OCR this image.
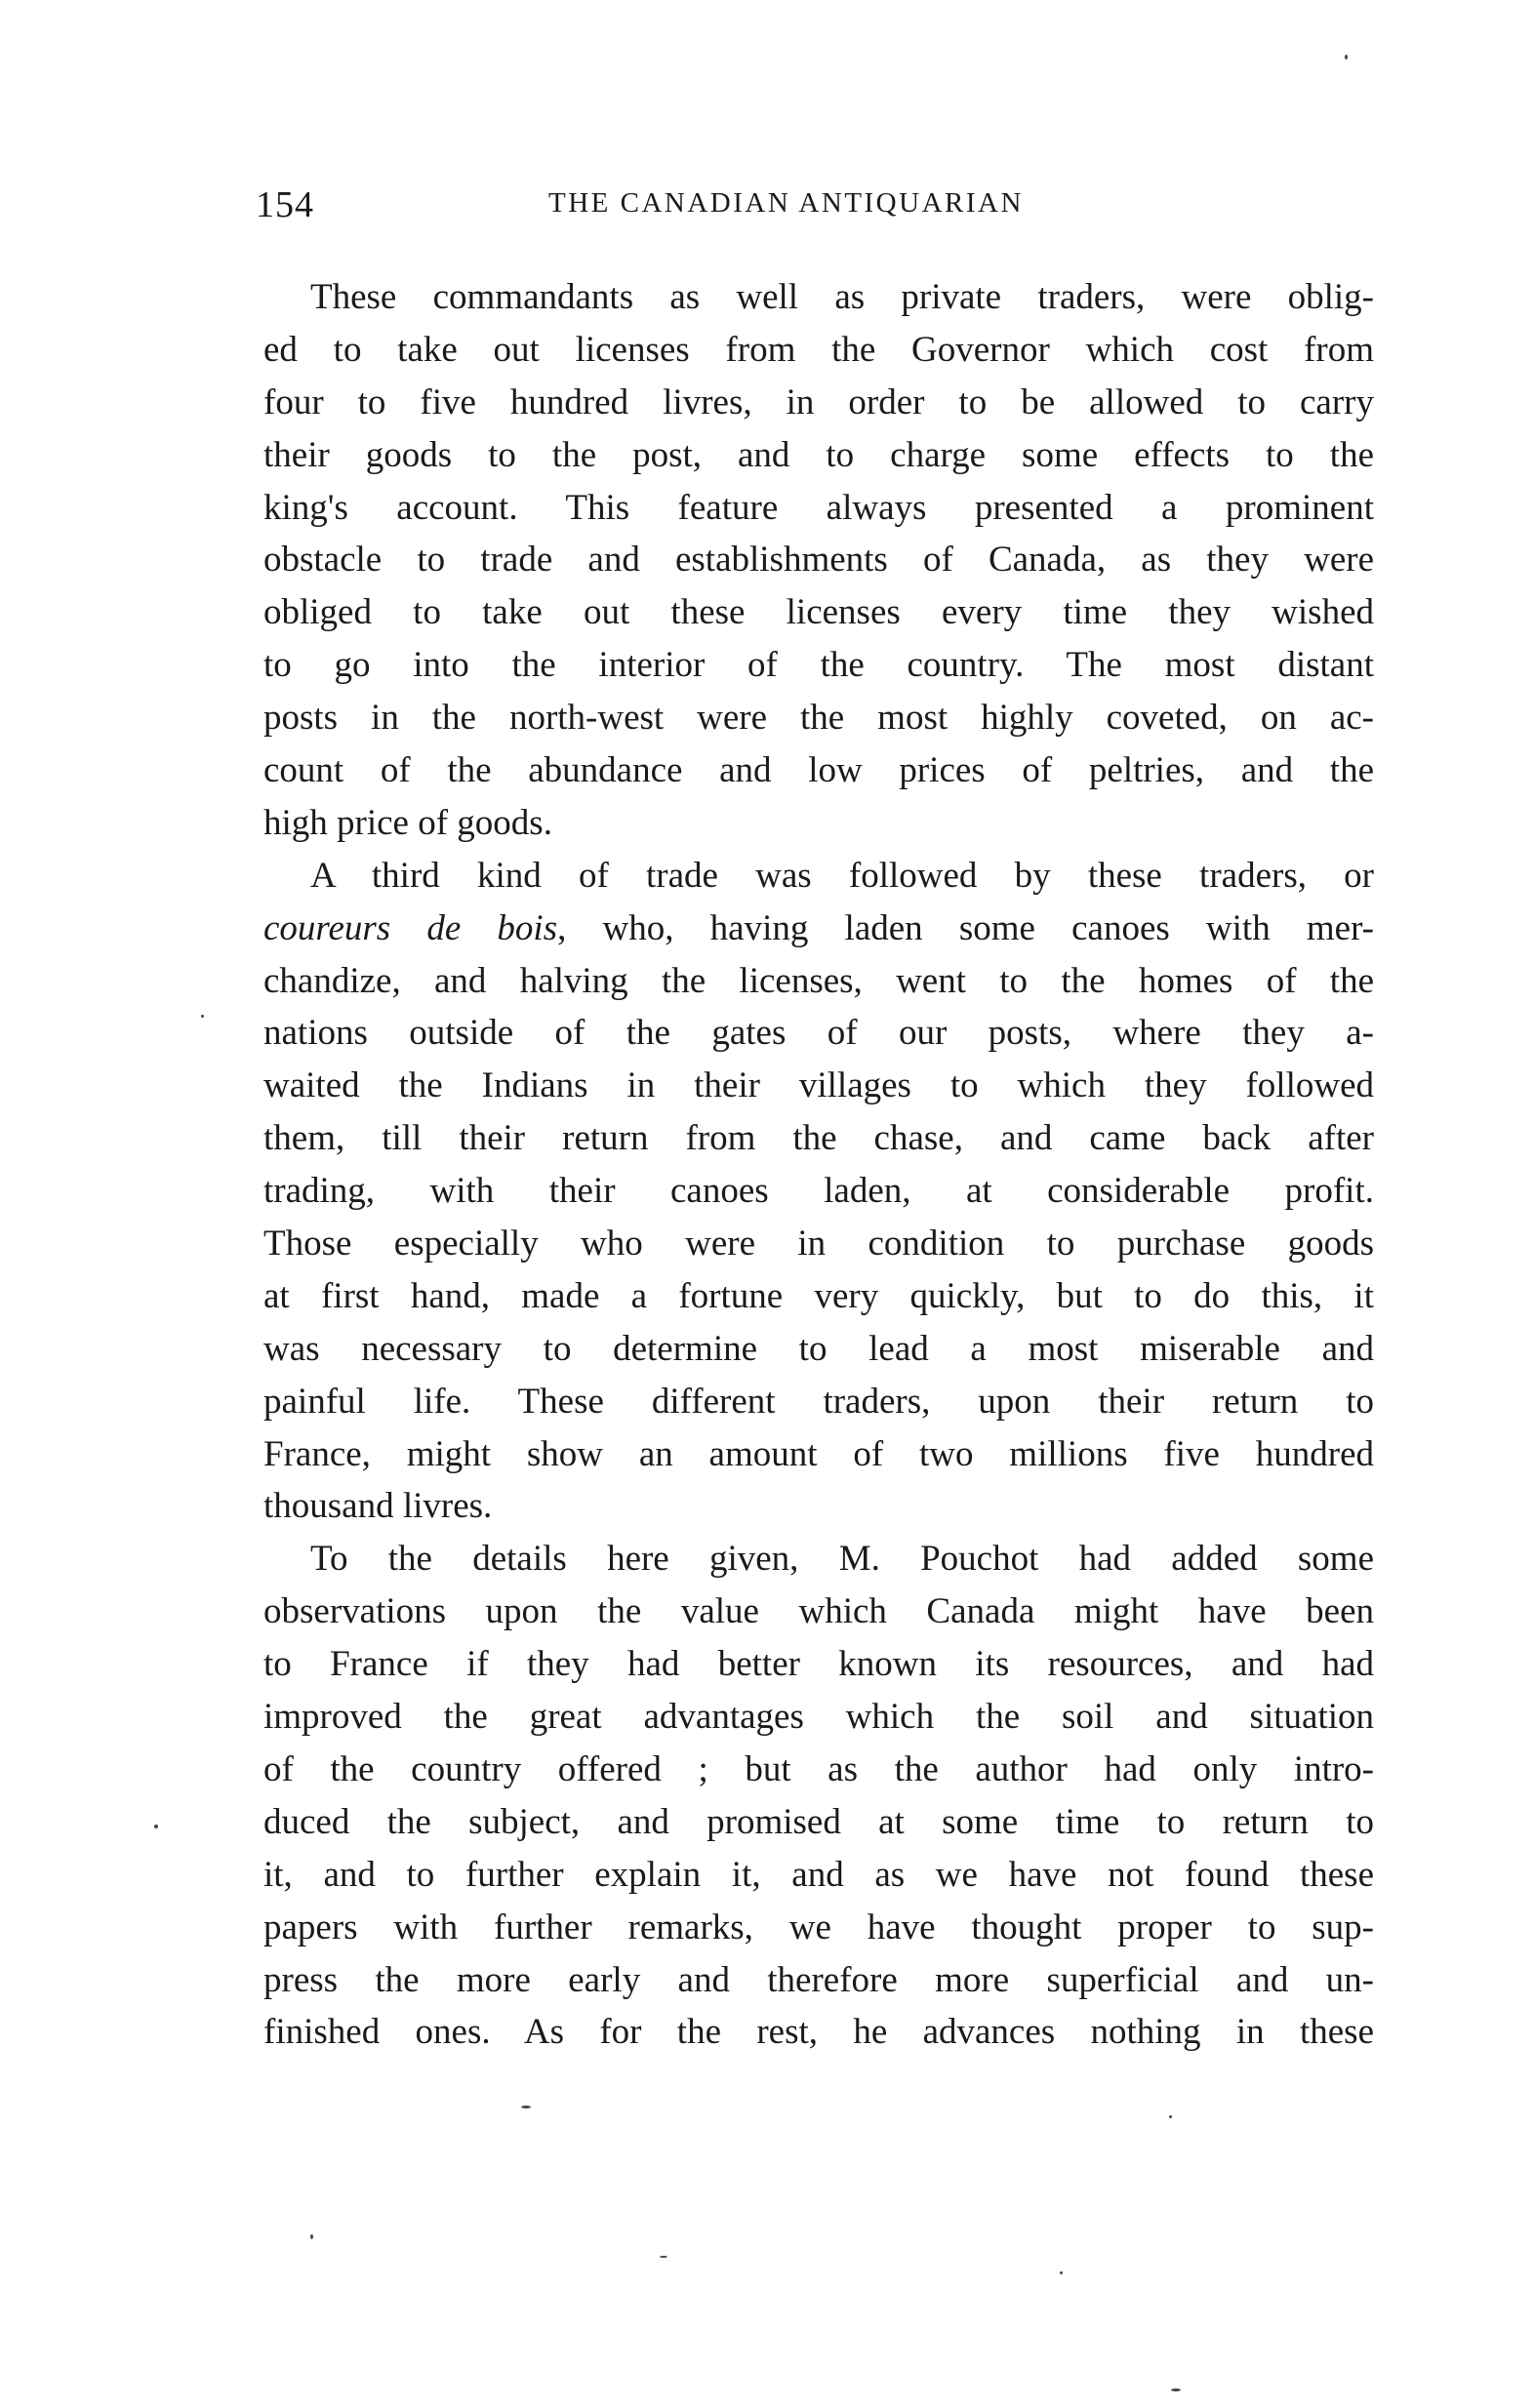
154	THE CANADIAN ANTIQUARIAN
These commandants as well as private traders, were oblig-
ed to take out licenses from the Governor which cost from
four to five hundred livres, in order to be allowed to carry
their goods to the post, and to charge some effects to the
king's account. This feature always presented a prominent
obstacle to trade and establishments of Canada, as they were
obliged to take out these licenses every time they wished
to go into the interior of the country. The most distant
posts in the north-west were the most highly coveted, on ac-
count of the abundance and low prices of peltries, and the
high price of goods.
A third kind of trade was followed by these traders, or
coureurs de bois, who, having laden some canoes with mer-
chandize, and halving the licenses, went to the homes of the
nations outside of the gates of our posts, where they a-
waited the Indians in their villages to which they followed
them, till their return from the chase, and came back after
trading, with their canoes laden, at considerable profit.
Those especially who were in condition to purchase goods
at first hand, made a fortune very quickly, but to do this, it
was necessary to determine to lead a most miserable and
painful life. These different traders, upon their return to
France, might show an amount of two millions five hundred
thousand livres.
To the details here given, M. Pouchot had added some
observations upon the value which Canada might have been
to France if they had better known its resources, and had
improved the great advantages which the soil and situation
of the country offered ; but as the author had only intro-
duced the subject, and promised at some time to return to
it, and to further explain it, and as we have not found these
papers with further remarks, we have thought proper to sup-
press the more early and therefore more superficial and un-
finished ones. As for the rest, he advances nothing in these
